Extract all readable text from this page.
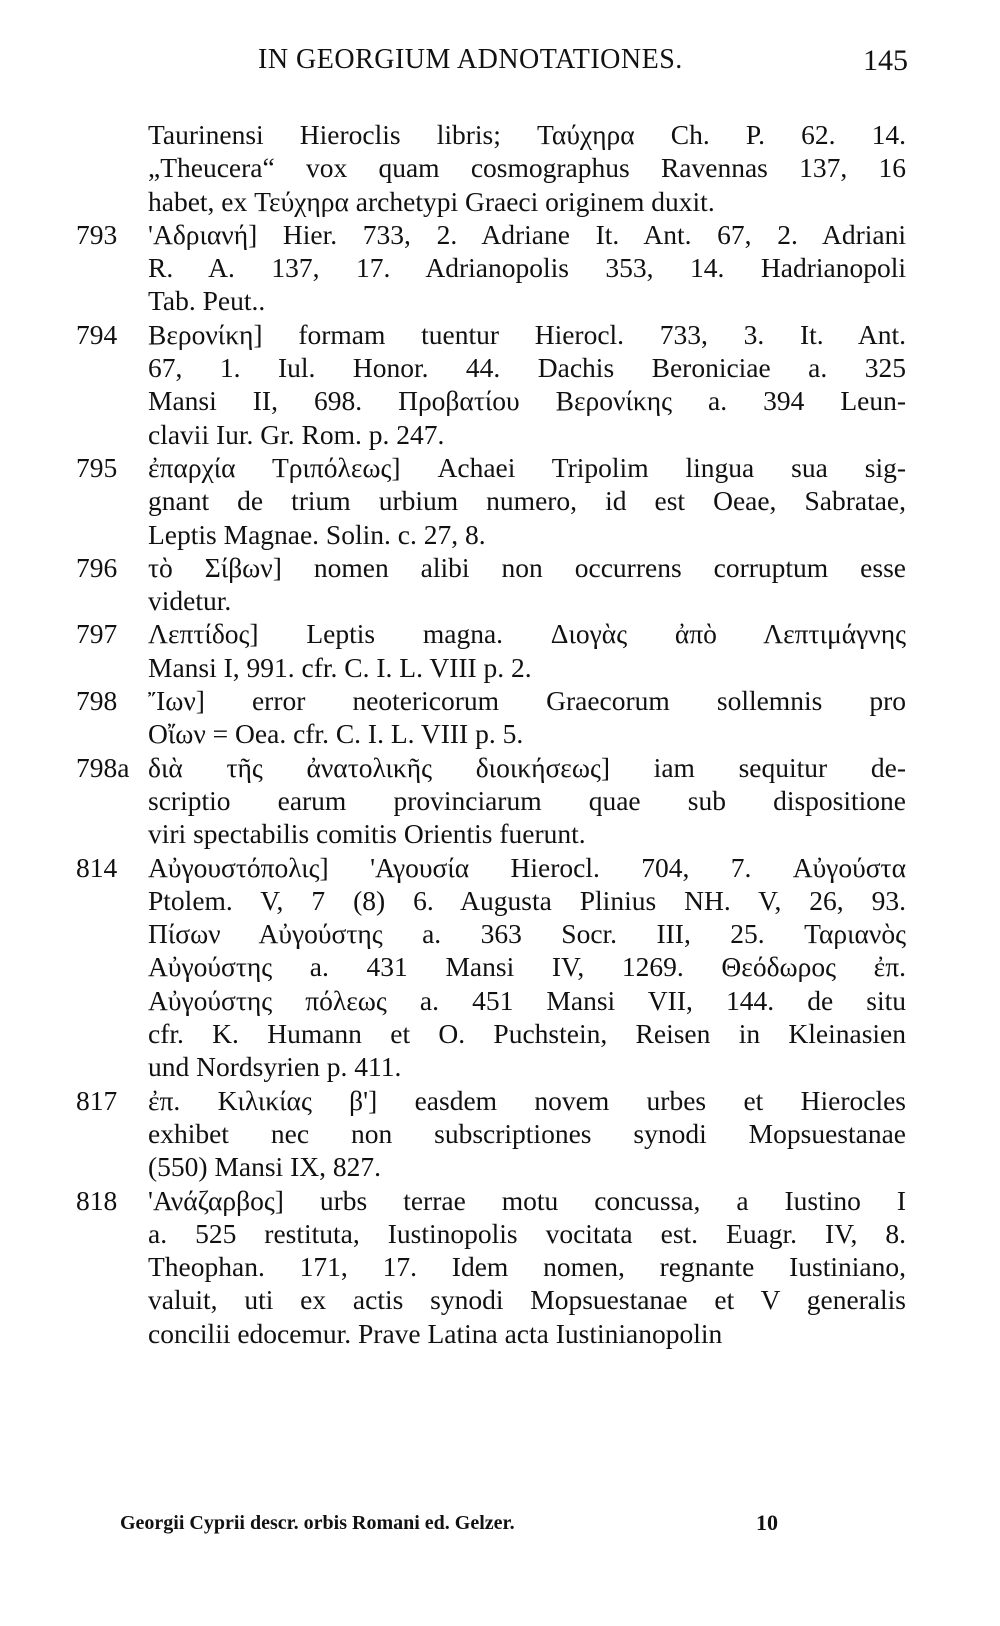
IN GEORGIUM ADNOTATIONES.	145
Taurinensi Hieroclis libris; Ταύχηρα Ch. P. 62. 14.
„Theucera“ vox quam cosmographus Ravennas 137, 16
habet, ex Τεύχηρα archetypi Graeci originem duxit.
793	'Αδριανή] Hier. 733, 2. Adriane It. Ant. 67, 2. Adriani
R. A. 137, 17. Adrianopolis 353, 14. Hadrianopoli
Tab. Peut..
794	Βερονίκη] formam tuentur Hierocl. 733, 3. It. Ant.
67, 1. Iul. Honor. 44. Dachis Beroniciae a. 325
Mansi II, 698. Προβατίου Βερονίκης a. 394 Leun-
clavii Iur. Gr. Rom. p. 247.
795	ἐπαρχία Τριπόλεως] Achaei Tripolim lingua sua sig-
gnant de trium urbium numero, id est Oeae, Sabratae,
Leptis Magnae. Solin. c. 27, 8.
796	τὸ Σίβων] nomen alibi non occurrens corruptum esse
videtur.
797	Λεπτίδος] Leptis magna. Διογὰς ἀπὸ Λεπτιμάγνης
Mansi I, 991. cfr. C. I. L. VIII p. 2.
798	Ἴων] error neotericorum Graecorum sollemnis pro
Οἴων = Oea. cfr. C. I. L. VIII p. 5.
798a διὰ τῆς ἀνατολικῆς διοικήσεως] iam sequitur de-
scriptio earum provinciarum quae sub dispositione
viri spectabilis comitis Orientis fuerunt.
814	Αὐγουστόπολις] 'Αγουσία Hierocl. 704, 7. Αὐγούστα
Ptolem. V, 7 (8) 6. Augusta Plinius NH. V, 26, 93.
Πίσων Αὐγούστης a. 363 Socr. III, 25. Ταριανὸς
Αὐγούστης a. 431 Mansi IV, 1269. Θεόδωρος ἐπ.
Αὐγούστης πόλεως a. 451 Mansi VII, 144. de situ
cfr. K. Humann et O. Puchstein, Reisen in Kleinasien
und Nordsyrien p. 411.
817	ἐπ. Κιλικίας β'] easdem novem urbes et Hierocles
exhibet nec non subscriptiones synodi Mopsuestanae
(550) Mansi IX, 827.
818	'Ανάζαρβος] urbs terrae motu concussa, a Iustino I
a. 525 restituta, Iustinopolis vocitata est. Euagr. IV, 8.
Theophan. 171, 17. Idem nomen, regnante Iustiniano,
valuit, uti ex actis synodi Mopsuestanae et V generalis
concilii edocemur. Prave Latina acta Iustinianopolin
Georgii Cyprii descr. orbis Romani ed. Gelzer.	10
